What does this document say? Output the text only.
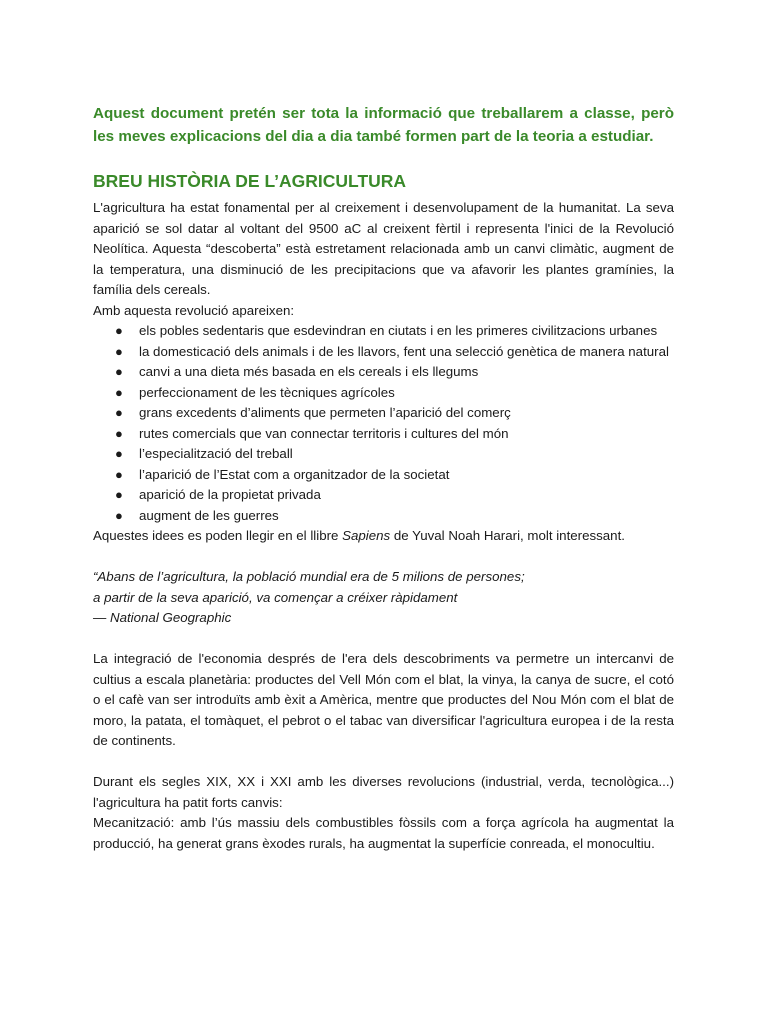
Aquest document pretén ser tota la informació que treballarem a classe, però les meves explicacions del dia a dia també formen part de la teoria a estudiar.

BREU HISTÒRIA DE L’AGRICULTURA

L'agricultura ha estat fonamental per al creixement i desenvolupament de la humanitat. La seva aparició se sol datar al voltant del 9500 aC al creixent fèrtil i representa l'inici de la Revolució Neolítica. Aquesta “descoberta” està estretament relacionada amb un canvi climàtic, augment de la temperatura, una disminució de les precipitacions que va afavorir les plantes gramínies, la família dels cereals.

Amb aquesta revolució apareixen:

● els pobles sedentaris que esdevindran en ciutats i en les primeres civilitzacions urbanes
● la domesticació dels animals i de les llavors, fent una selecció genètica de manera natural
● canvi a una dieta més basada en els cereals i els llegums
● perfeccionament de les tècniques agrícoles
● grans excedents d’aliments que permeten l’aparició del comerç
● rutes comercials que van connectar territoris i cultures del món
● l’especialització del treball
● l’aparició de l’Estat com a organitzador de la societat
● aparició de la propietat privada
● augment de les guerres

Aquestes idees es poden llegir en el llibre Sapiens de Yuval Noah Harari, molt interessant.

“Abans de l’agricultura, la població mundial era de 5 milions de persones;

a partir de la seva aparició, va començar a créixer ràpidament

— National Geographic

La integració de l'economia després de l'era dels descobriments va permetre un intercanvi de cultius a escala planetària: productes del Vell Món com el blat, la vinya, la canya de sucre, el cotó o el cafè van ser introduïts amb èxit a Amèrica, mentre que productes del Nou Món com el blat de moro, la patata, el tomàquet, el pebrot o el tabac van diversificar l'agricultura europea i de la resta de continents.

Durant els segles XIX, XX i XXI amb les diverses revolucions (industrial, verda, tecnològica...) l'agricultura ha patit forts canvis:

Mecanització: amb l’ús massiu dels combustibles fòssils com a força agrícola ha augmentat la producció, ha generat grans èxodes rurals, ha augmentat la superfície conreada, el monocultiu.
